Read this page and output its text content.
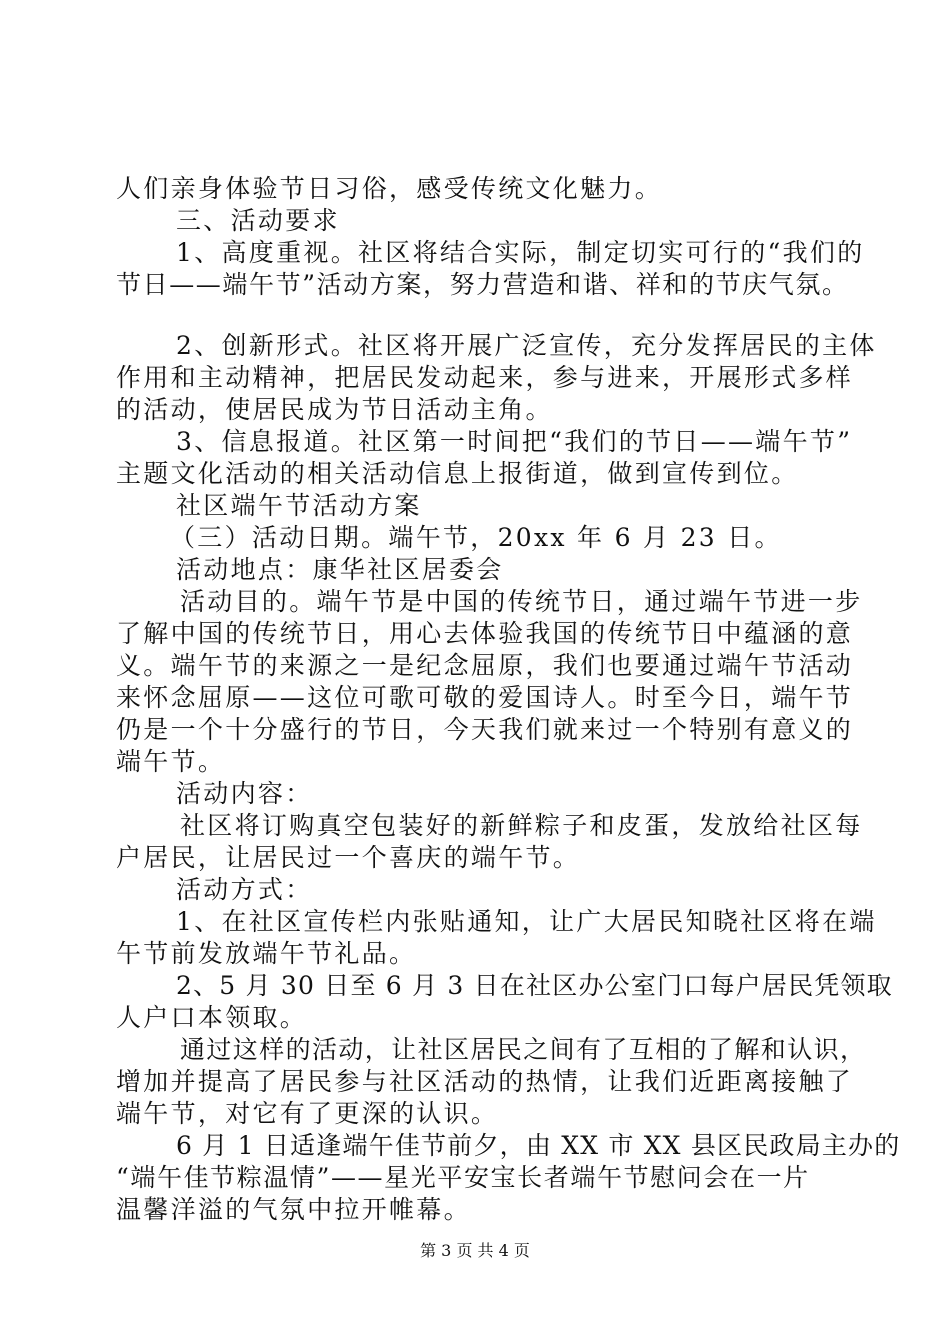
人们亲身体验节日习俗，感受传统文化魅力。
三、活动要求
1、高度重视。社区将结合实际，制定切实可行的“我们的
节日——端午节”活动方案，努力营造和谐、祥和的节庆气氛。
2、创新形式。社区将开展广泛宣传，充分发挥居民的主体
作用和主动精神，把居民发动起来，参与进来，开展形式多样
的活动，使居民成为节日活动主角。
3、信息报道。社区第一时间把“我们的节日——端午节”
主题文化活动的相关活动信息上报街道，做到宣传到位。
社区端午节活动方案
（三）活动日期。端午节，20xx 年 6 月 23 日。
活动地点：康华社区居委会
活动目的。端午节是中国的传统节日，通过端午节进一步
了解中国的传统节日，用心去体验我国的传统节日中蕴涵的意
义。端午节的来源之一是纪念屈原，我们也要通过端午节活动
来怀念屈原——这位可歌可敬的爱国诗人。时至今日，端午节
仍是一个十分盛行的节日，今天我们就来过一个特别有意义的
端午节。
活动内容：
社区将订购真空包装好的新鲜粽子和皮蛋，发放给社区每
户居民，让居民过一个喜庆的端午节。
活动方式：
1、在社区宣传栏内张贴通知，让广大居民知晓社区将在端
午节前发放端午节礼品。
2、5 月 30 日至 6 月 3 日在社区办公室门口每户居民凭领取
人户口本领取。
通过这样的活动，让社区居民之间有了互相的了解和认识，
增加并提高了居民参与社区活动的热情，让我们近距离接触了
端午节，对它有了更深的认识。
6 月 1 日适逢端午佳节前夕，由 XX 市 XX 县区民政局主办的
“端午佳节粽温情”——星光平安宝长者端午节慰问会在一片
温馨洋溢的气氛中拉开帷幕。
第 3 页 共 4 页
